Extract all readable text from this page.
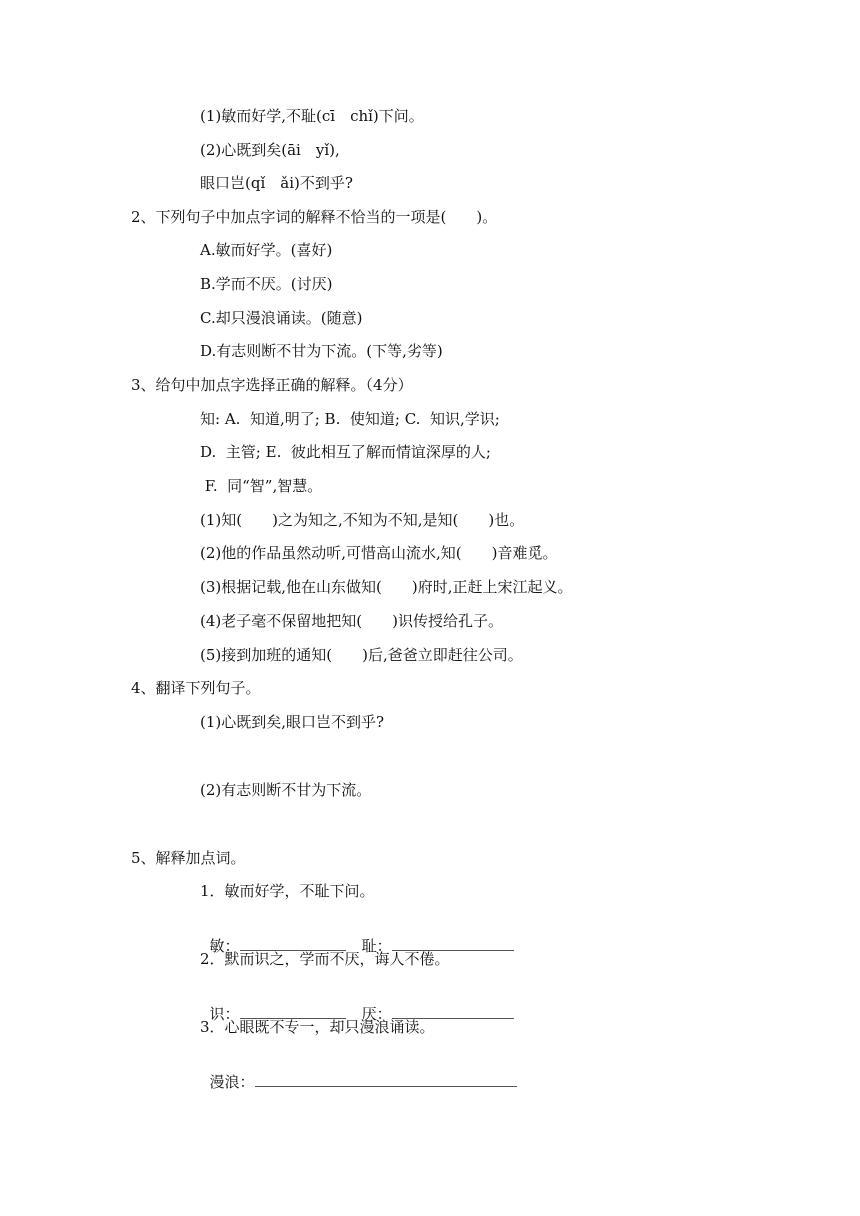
(1)敏而好学,不耻(cī　chǐ)下问。
(2)心既到矣(āi　yǐ),
眼口岂(qǐ　ǎi)不到乎?
2、下列句子中加点字词的解释不恰当的一项是(　　)。
A.敏而好学。(喜好)
B.学而不厌。(讨厌)
C.却只漫浪诵读。(随意)
D.有志则断不甘为下流。(下等,劣等)
3、给句中加点字选择正确的解释。（4分）
知: A.  知道,明了; B.  使知道; C.  知识,学识;
D.  主管; E.  彼此相互了解而情谊深厚的人;
F.  同“智”,智慧。
(1)知(　　)之为知之,不知为不知,是知(　　)也。
(2)他的作品虽然动听,可惜高山流水,知(　　)音难觅。
(3)根据记载,他在山东做知(　　)府时,正赶上宋江起义。
(4)老子毫不保留地把知(　　)识传授给孔子。
(5)接到加班的通知(　　)后,爸爸立即赶往公司。
4、翻译下列句子。
(1)心既到矣,眼口岂不到乎?
(2)有志则断不甘为下流。
5、解释加点词。
1．敏而好学，不耻下问。

敏：	耻：

2．默而识之，学而不厌，诲人不倦。

识：	厌：

3．心眼既不专一，却只漫浪诵读。

漫浪：
